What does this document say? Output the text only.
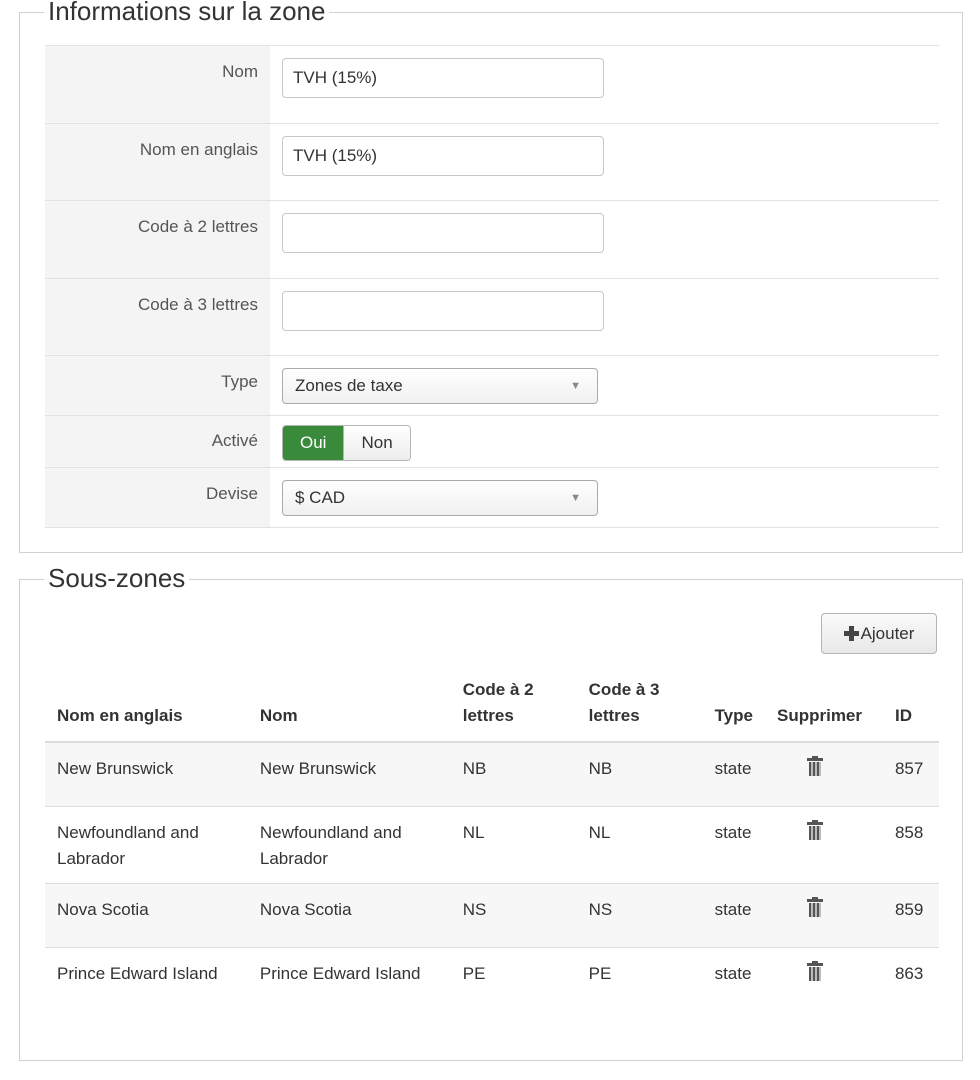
Informations sur la zone
Nom	TVH (15%)
Nom en anglais	TVH (15%)
Code à 2 lettres
Code à 3 lettres
Type	Zones de taxe	▼
Activé	Oui	Non
Devise	$ CAD	▼
Sous-zones
Ajouter
Nom en anglais	Nom	Code à 2 lettres	Code à 3 lettres	Type	Supprimer	ID
New Brunswick	New Brunswick	NB	NB	state		857
Newfoundland and Labrador	Newfoundland and Labrador	NL	NL	state		858
Nova Scotia	Nova Scotia	NS	NS	state		859
Prince Edward Island	Prince Edward Island	PE	PE	state		863
